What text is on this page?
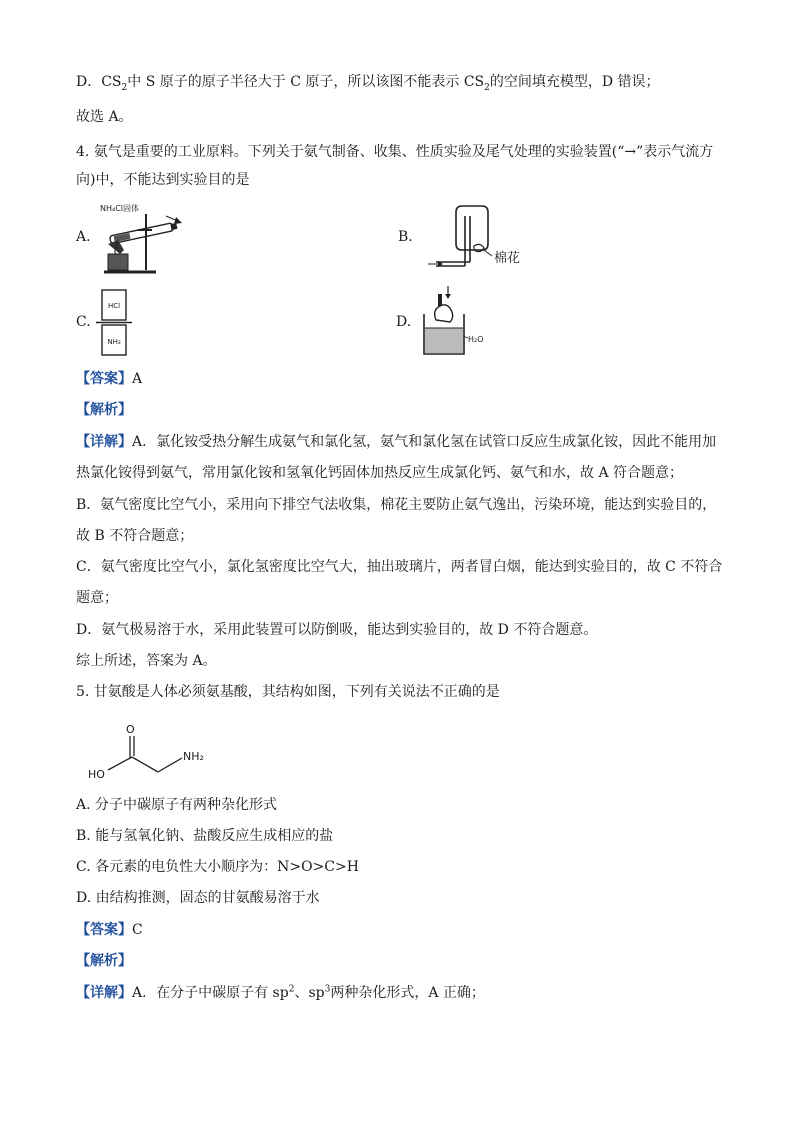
D．$CS_2$中 S 原子的原子半径大于 C 原子，所以该图不能表示 $CS_2$的空间填充模型，D 错误；
故选 A。
4. 氨气是重要的工业原料。下列关于氨气制备、收集、性质实验及尾气处理的实验装置(“→”表示气流方
向)中，不能达到实验目的是
A.
NH₄Cl固体
B.
棉花
C.
HCl
NH₃
D.
H₂O
【答案】A
【解析】
【详解】A．氯化铵受热分解生成氨气和氯化氢，氨气和氯化氢在试管口反应生成氯化铵，因此不能用加
热氯化铵得到氨气，常用氯化铵和氢氧化钙固体加热反应生成氯化钙、氨气和水，故 A 符合题意；
B．氨气密度比空气小，采用向下排空气法收集，棉花主要防止氨气逸出，污染环境，能达到实验目的，
故 B 不符合题意；
C．氨气密度比空气小，氯化氢密度比空气大，抽出玻璃片，两者冒白烟，能达到实验目的，故 C 不符合
题意；
D．氨气极易溶于水，采用此装置可以防倒吸，能达到实验目的，故 D 不符合题意。
综上所述，答案为 A。
5. 甘氨酸是人体必须氨基酸，其结构如图，下列有关说法不正确的是
O
HO
NH₂
A. 分子中碳原子有两种杂化形式
B. 能与氢氧化钠、盐酸反应生成相应的盐
C. 各元素的电负性大小顺序为：N>O>C>H
D. 由结构推测，固态的甘氨酸易溶于水
【答案】C
【解析】
【详解】A．在分子中碳原子有 $sp^2$、$sp^3$两种杂化形式，A 正确；
